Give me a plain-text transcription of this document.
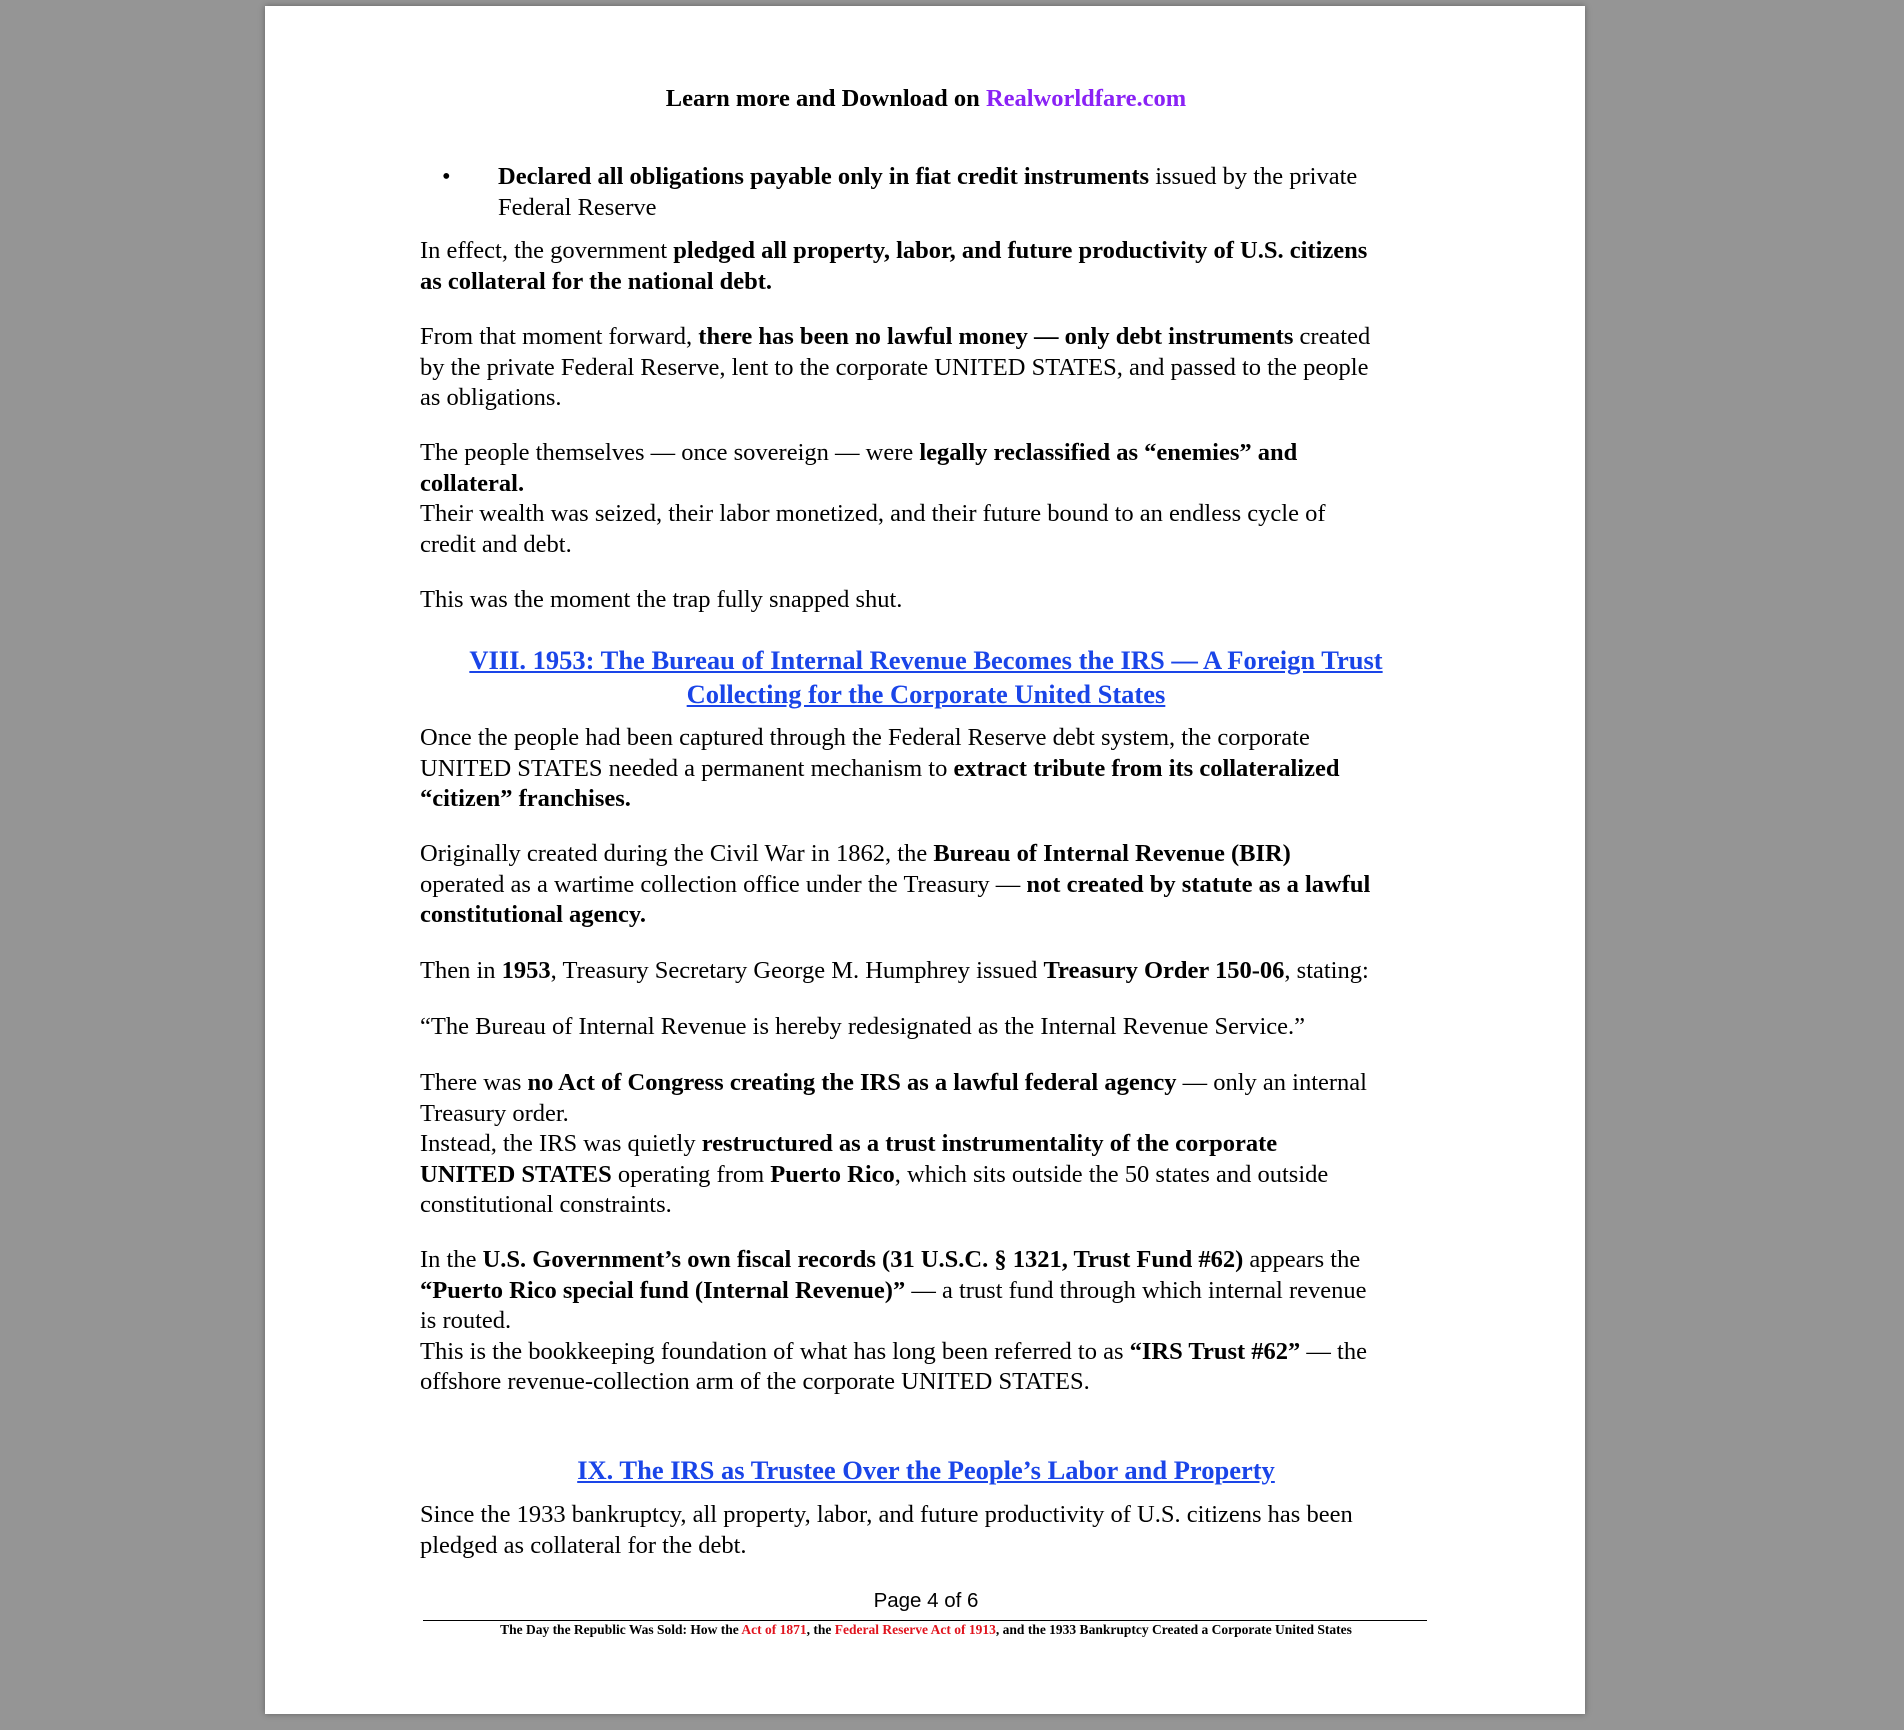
Learn more and Download on Realworldfare.com

•	Declared all obligations payable only in fiat credit instruments issued by the private
Federal Reserve

In effect, the government pledged all property, labor, and future productivity of U.S. citizens
as collateral for the national debt.

From that moment forward, there has been no lawful money — only debt instruments created
by the private Federal Reserve, lent to the corporate UNITED STATES, and passed to the people
as obligations.

The people themselves — once sovereign — were legally reclassified as “enemies” and
collateral.
Their wealth was seized, their labor monetized, and their future bound to an endless cycle of
credit and debt.

This was the moment the trap fully snapped shut.

VIII. 1953: The Bureau of Internal Revenue Becomes the IRS — A Foreign Trust
Collecting for the Corporate United States

Once the people had been captured through the Federal Reserve debt system, the corporate
UNITED STATES needed a permanent mechanism to extract tribute from its collateralized
“citizen” franchises.

Originally created during the Civil War in 1862, the Bureau of Internal Revenue (BIR)
operated as a wartime collection office under the Treasury — not created by statute as a lawful
constitutional agency.

Then in 1953, Treasury Secretary George M. Humphrey issued Treasury Order 150-06, stating:

“The Bureau of Internal Revenue is hereby redesignated as the Internal Revenue Service.”

There was no Act of Congress creating the IRS as a lawful federal agency — only an internal
Treasury order.
Instead, the IRS was quietly restructured as a trust instrumentality of the corporate
UNITED STATES operating from Puerto Rico, which sits outside the 50 states and outside
constitutional constraints.

In the U.S. Government’s own fiscal records (31 U.S.C. § 1321, Trust Fund #62) appears the
“Puerto Rico special fund (Internal Revenue)” — a trust fund through which internal revenue
is routed.
This is the bookkeeping foundation of what has long been referred to as “IRS Trust #62” — the
offshore revenue-collection arm of the corporate UNITED STATES.

IX. The IRS as Trustee Over the People’s Labor and Property

Since the 1933 bankruptcy, all property, labor, and future productivity of U.S. citizens has been
pledged as collateral for the debt.

Page 4 of 6

The Day the Republic Was Sold: How the Act of 1871, the Federal Reserve Act of 1913, and the 1933 Bankruptcy Created a Corporate United States
